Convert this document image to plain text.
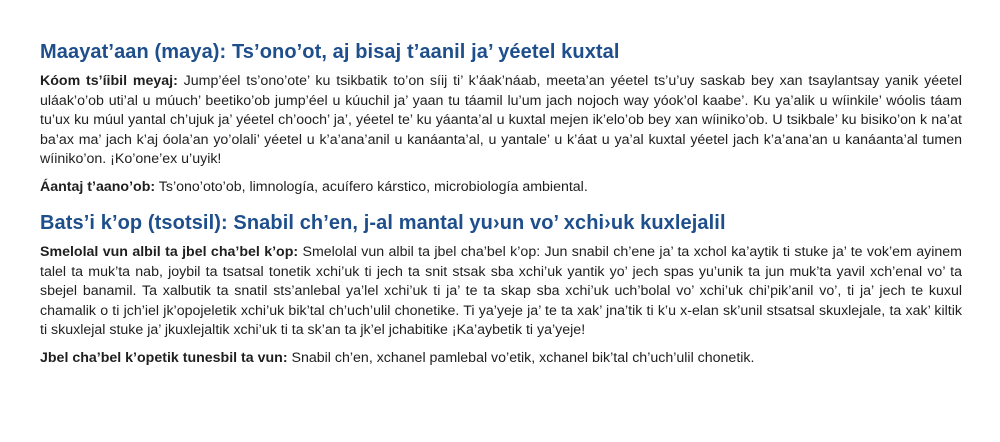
Maayat’aan (maya): Ts’ono’ot, aj bisaj t’aanil ja’ yéetel kuxtal

Kóom ts’íibil meyaj: Jump’éel ts’ono’ote’ ku tsikbatik to’on síij ti’ k’áak’náab, meeta’an yéetel ts’u’uy saskab bey xan tsaylantsay yanik yéetel uláak’o’ob uti’al u múuch’ beetiko’ob jump’éel u kúuchil ja’ yaan tu táamil lu’um jach nojoch way yóok’ol kaabe’. Ku ya’alik u wíinkile’ wóolis táam tu’ux ku múul yantal ch’ujuk ja’ yéetel ch’ooch’ ja’, yéetel te’ ku yáanta’al u kuxtal mejen ik’elo’ob bey xan wíiniko’ob. U tsikbale’ ku bisiko’on k na’at ba’ax ma’ jach k’aj óola’an yo’olali’ yéetel u k’a’ana’anil u kanáanta’al, u yantale’ u k’áat u ya’al kuxtal yéetel jach k’a’ana’an u kanáanta’al tumen wíiniko’on. ¡Ko’one’ex u’uyik!

Áantaj t’aano’ob: Ts’ono’oto’ob, limnología, acuífero kárstico, microbiología ambiental.

Bats’i k’op (tsotsil): Snabil ch’en, j-al mantal yu›un vo’ xchi›uk kuxlejalil

Smelolal vun albil ta jbel cha’bel k’op: Smelolal vun albil ta jbel cha’bel k’op: Jun snabil ch’ene ja’ ta xchol ka’aytik ti stuke ja’ te vok’em ayinem talel ta muk’ta nab, joybil ta tsatsal tonetik xchi’uk ti jech ta snit stsak sba xchi’uk yantik yo’ jech spas yu’unik ta jun muk’ta yavil xch’enal vo’ ta sbejel banamil. Ta xalbutik ta snatil sts’anlebal ya’lel xchi’uk ti ja’ te ta skap sba xchi’uk uch’bolal vo’ xchi’uk chi’pik’anil vo’, ti ja’ jech te kuxul chamalik o ti jch’iel jk’opojeletik xchi’uk bik’tal ch’uch’ulil chonetike. Ti ya’yeje ja’ te ta xak’ jna’tik ti k’u x-elan sk’unil stsatsal skuxlejale, ta xak’ kiltik ti skuxlejal stuke ja’ jkuxlejaltik xchi’uk ti ta sk’an ta jk’el jchabitike ¡Ka’aybetik ti ya’yeje!

Jbel cha’bel k’opetik tunesbil ta vun: Snabil ch’en, xchanel pamlebal vo’etik, xchanel bik’tal ch’uch’ulil chonetik.
